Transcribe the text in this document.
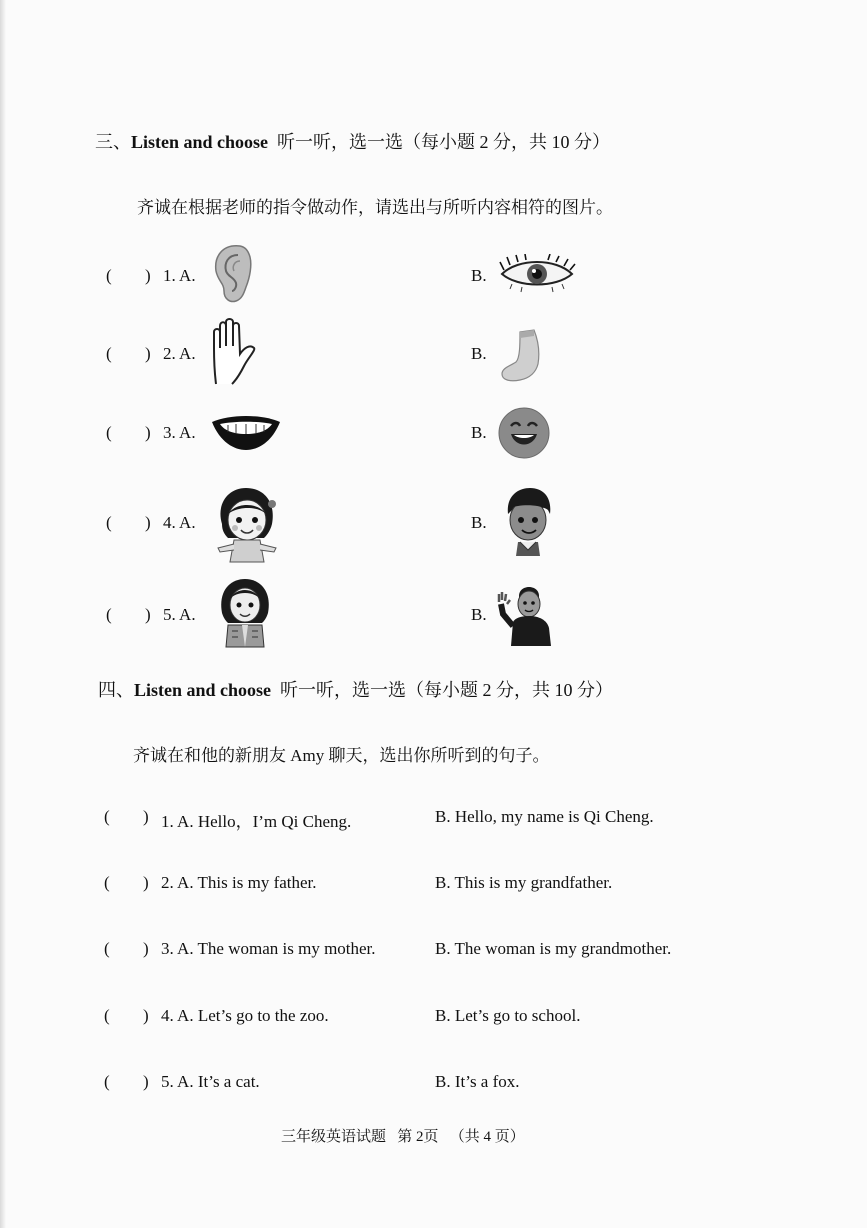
三、Listen and choose 听一听，选一选（每小题 2 分，共 10 分）
齐诚在根据老师的指令做动作，请选出与所听内容相符的图片。
( ) 1. A.	B.
( ) 2. A.	B.
( ) 3. A.	B.
( ) 4. A.	B.
( ) 5. A.	B.
四、Listen and choose 听一听，选一选（每小题 2 分，共 10 分）
齐诚在和他的新朋友 Amy 聊天，选出你所听到的句子。
( ) 1. A. Hello，I’m Qi Cheng.	B. Hello, my name is Qi Cheng.
( ) 2. A. This is my father.	B. This is my grandfather.
( ) 3. A. The woman is my mother.	B. The woman is my grandmother.
( ) 4. A. Let’s go to the zoo.	B. Let’s go to school.
( ) 5. A. It’s a cat.	B. It’s a fox.
三年级英语试题 第 2页 （共 4 页）
